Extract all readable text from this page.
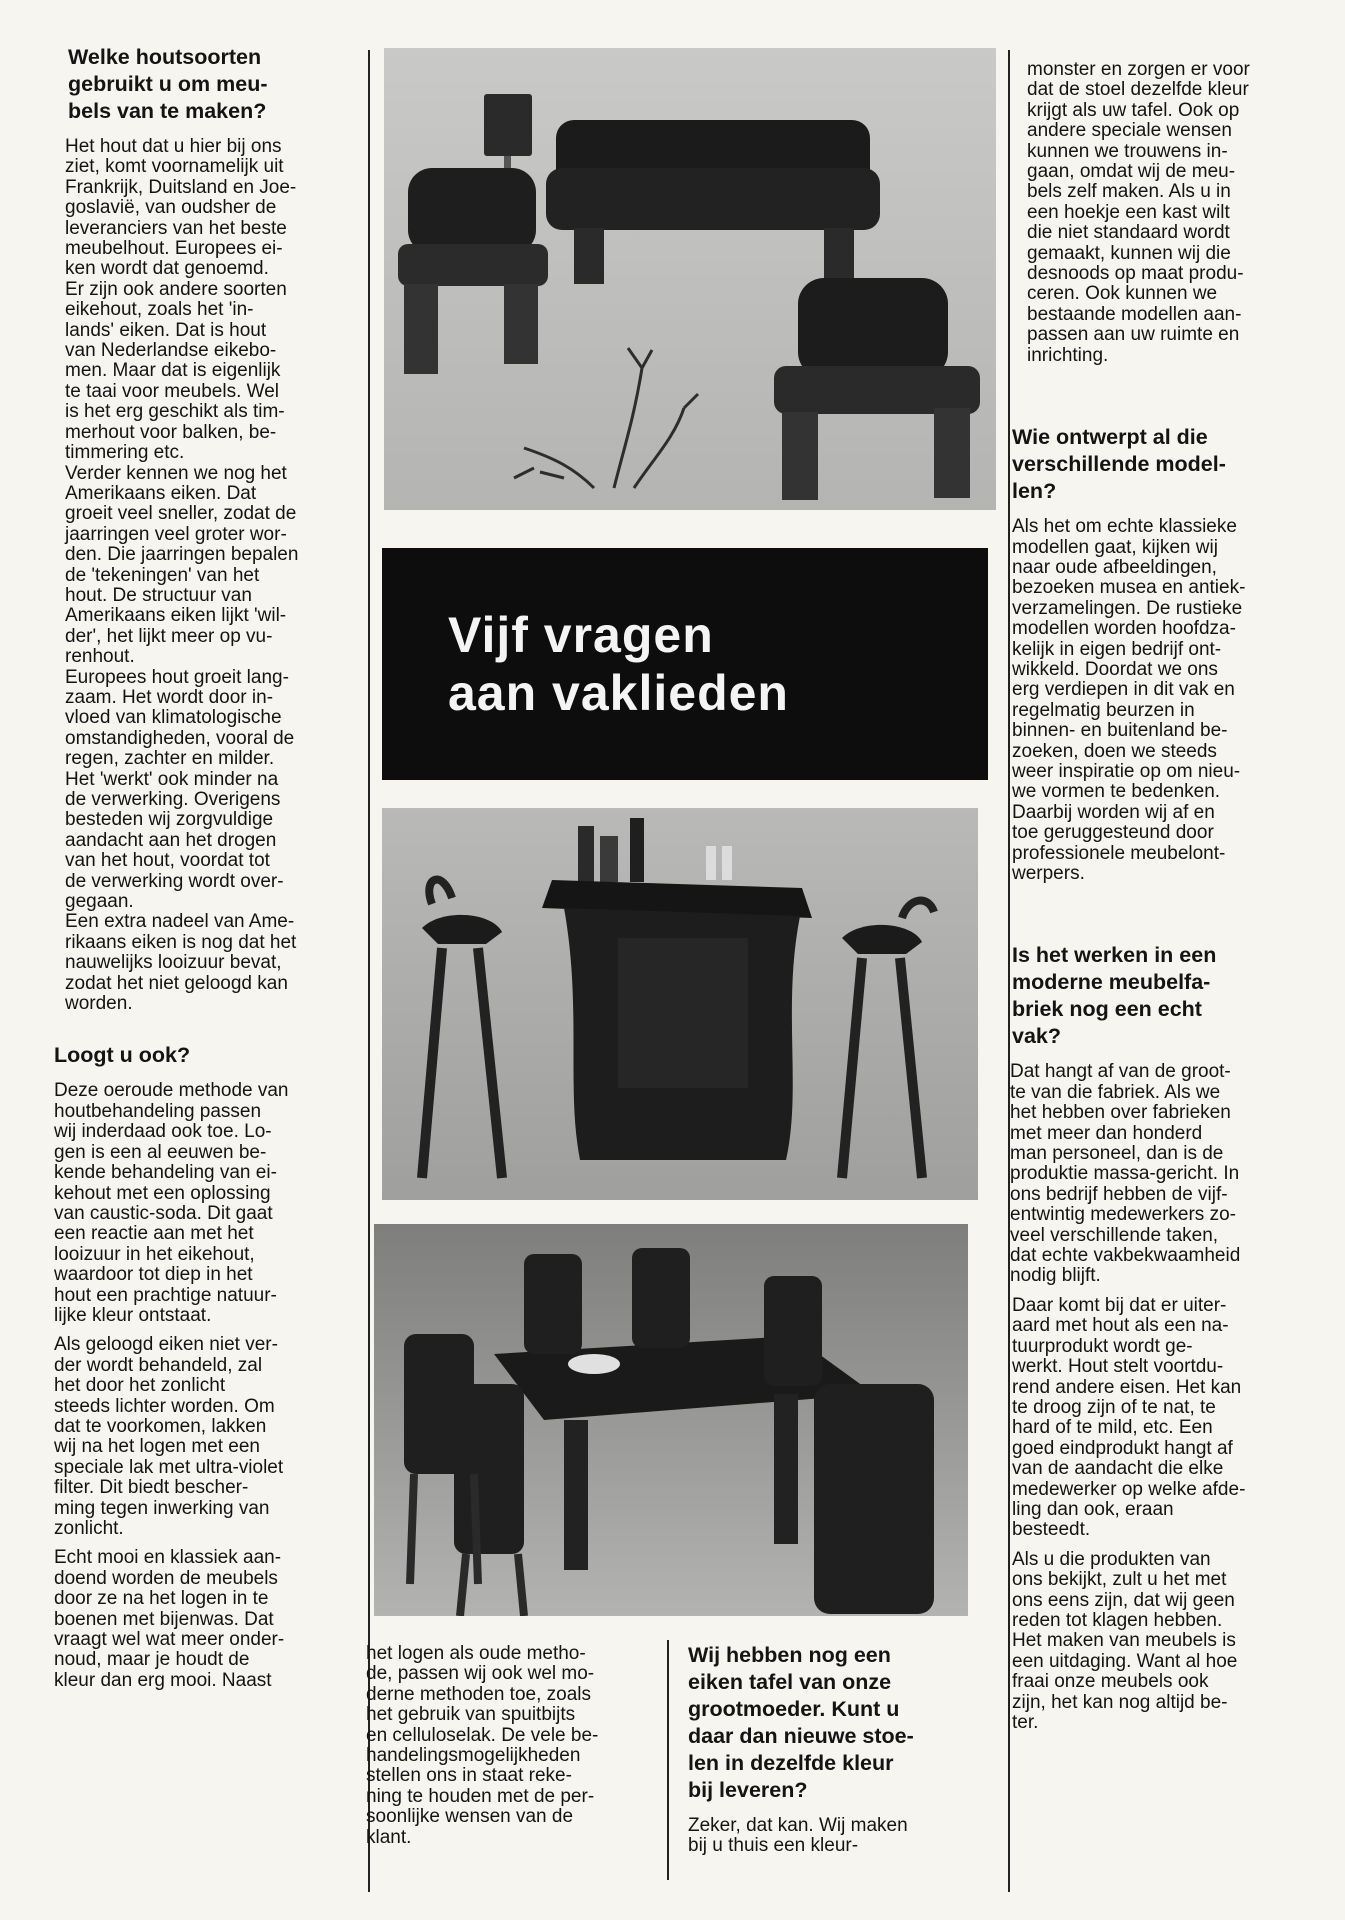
Welke houtsoorten
gebruikt u om meu-
bels van te maken?
Het hout dat u hier bij ons
ziet, komt voornamelijk uit
Frankrijk, Duitsland en Joe-
goslavië, van oudsher de
leveranciers van het beste
meubelhout. Europees ei-
ken wordt dat genoemd.
Er zijn ook andere soorten
eikehout, zoals het 'in-
lands' eiken. Dat is hout
van Nederlandse eikebo-
men. Maar dat is eigenlijk
te taai voor meubels. Wel
is het erg geschikt als tim-
merhout voor balken, be-
timmering etc.
Verder kennen we nog het
Amerikaans eiken. Dat
groeit veel sneller, zodat de
jaarringen veel groter wor-
den. Die jaarringen bepalen
de 'tekeningen' van het
hout. De structuur van
Amerikaans eiken lijkt 'wil-
der', het lijkt meer op vu-
renhout.
Europees hout groeit lang-
zaam. Het wordt door in-
vloed van klimatologische
omstandigheden, vooral de
regen, zachter en milder.
Het 'werkt' ook minder na
de verwerking. Overigens
besteden wij zorgvuldige
aandacht aan het drogen
van het hout, voordat tot
de verwerking wordt over-
gegaan.
Een extra nadeel van Ame-
rikaans eiken is nog dat het
nauwelijks looizuur bevat,
zodat het niet geloogd kan
worden.
Loogt u ook?
Deze oeroude methode van
houtbehandeling passen
wij inderdaad ook toe. Lo-
gen is een al eeuwen be-
kende behandeling van ei-
kehout met een oplossing
van caustic-soda. Dit gaat
een reactie aan met het
looizuur in het eikehout,
waardoor tot diep in het
hout een prachtige natuur-
lijke kleur ontstaat.
Als geloogd eiken niet ver-
der wordt behandeld, zal
het door het zonlicht
steeds lichter worden. Om
dat te voorkomen, lakken
wij na het logen met een
speciale lak met ultra-violet
filter. Dit biedt bescher-
ming tegen inwerking van
zonlicht.
Echt mooi en klassiek aan-
doend worden de meubels
door ze na het logen in te
boenen met bijenwas. Dat
vraagt wel wat meer onder-
noud, maar je houdt de
kleur dan erg mooi. Naast
Vijf vragen
aan vaklieden
het logen als oude metho-
de, passen wij ook wel mo-
derne methoden toe, zoals
het gebruik van spuitbijts
en celluloselak. De vele be-
handelingsmogelijkheden
stellen ons in staat reke-
ning te houden met de per-
soonlijke wensen van de
klant.
Wij hebben nog een
eiken tafel van onze
grootmoeder. Kunt u
daar dan nieuwe stoe-
len in dezelfde kleur
bij leveren?
Zeker, dat kan. Wij maken
bij u thuis een kleur-
monster en zorgen er voor
dat de stoel dezelfde kleur
krijgt als uw tafel. Ook op
andere speciale wensen
kunnen we trouwens in-
gaan, omdat wij de meu-
bels zelf maken. Als u in
een hoekje een kast wilt
die niet standaard wordt
gemaakt, kunnen wij die
desnoods op maat produ-
ceren. Ook kunnen we
bestaande modellen aan-
passen aan uw ruimte en
inrichting.
Wie ontwerpt al die
verschillende model-
len?
Als het om echte klassieke
modellen gaat, kijken wij
naar oude afbeeldingen,
bezoeken musea en antiek-
verzamelingen. De rustieke
modellen worden hoofdza-
kelijk in eigen bedrijf ont-
wikkeld. Doordat we ons
erg verdiepen in dit vak en
regelmatig beurzen in
binnen- en buitenland be-
zoeken, doen we steeds
weer inspiratie op om nieu-
we vormen te bedenken.
Daarbij worden wij af en
toe geruggesteund door
professionele meubelont-
werpers.
Is het werken in een
moderne meubelfa-
briek nog een echt
vak?
Dat hangt af van de groot-
te van die fabriek. Als we
het hebben over fabrieken
met meer dan honderd
man personeel, dan is de
produktie massa-gericht. In
ons bedrijf hebben de vijf-
entwintig medewerkers zo-
veel verschillende taken,
dat echte vakbekwaamheid
nodig blijft.
Daar komt bij dat er uiter-
aard met hout als een na-
tuurprodukt wordt ge-
werkt. Hout stelt voortdu-
rend andere eisen. Het kan
te droog zijn of te nat, te
hard of te mild, etc. Een
goed eindprodukt hangt af
van de aandacht die elke
medewerker op welke afde-
ling dan ook, eraan
besteedt.
Als u die produkten van
ons bekijkt, zult u het met
ons eens zijn, dat wij geen
reden tot klagen hebben.
Het maken van meubels is
een uitdaging. Want al hoe
fraai onze meubels ook
zijn, het kan nog altijd be-
ter.
